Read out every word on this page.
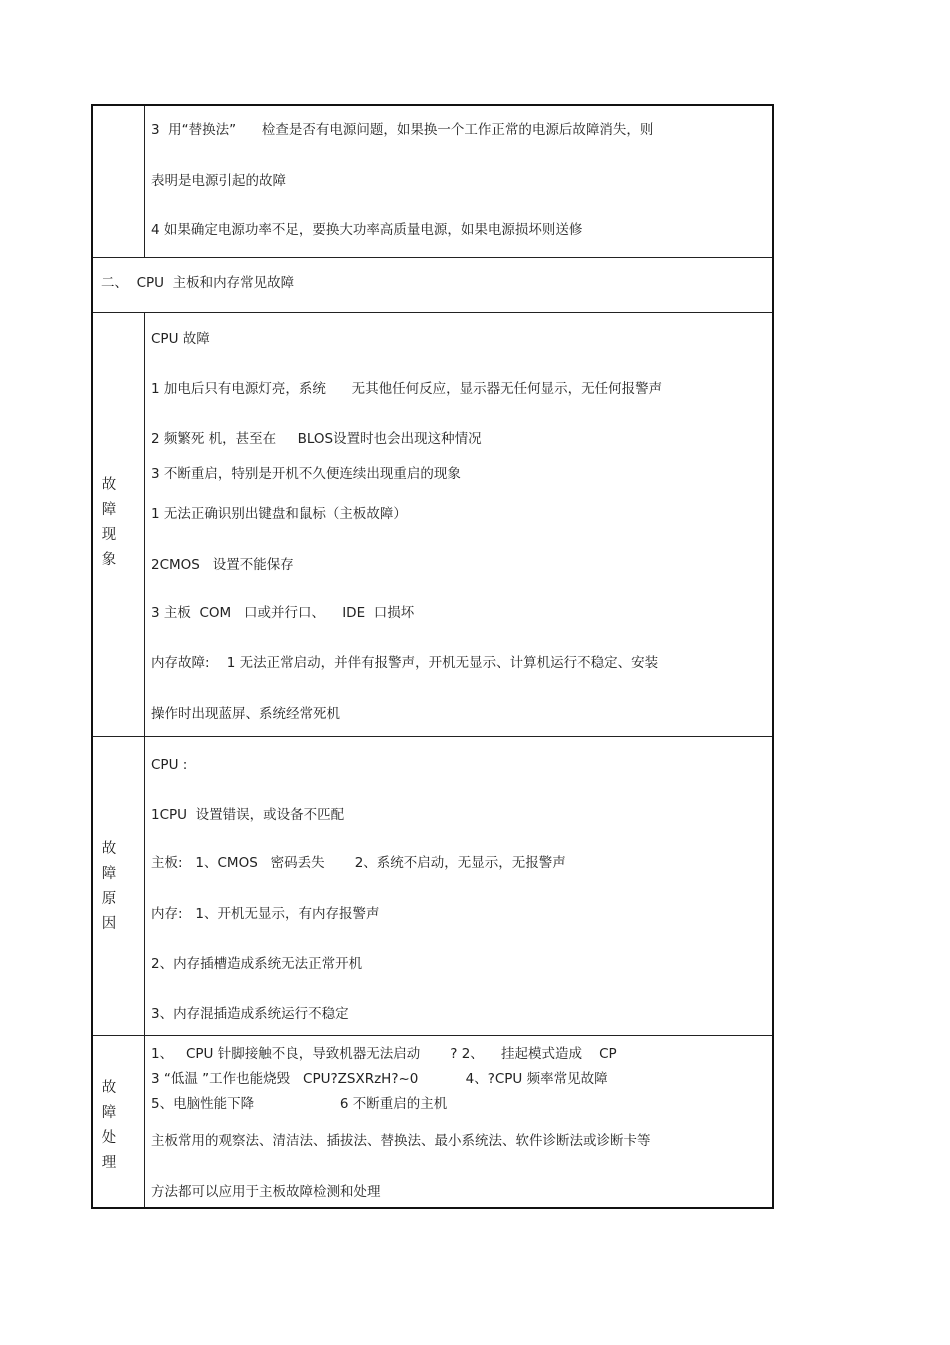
3  用“替换法”      检查是否有电源问题，如果换一个工作正常的电源后故障消失，则
表明是电源引起的故障
4 如果确定电源功率不足，要换大功率高质量电源，如果电源损坏则送修
二、  CPU  主板和内存常见故障
故
障
现
象
CPU 故障
1 加电后只有电源灯亮，系统      无其他任何反应，显示器无任何显示，无任何报警声
2 频繁死 机，甚至在     BLOS设置时也会出现这种情况
3 不断重启，特别是开机不久便连续出现重启的现象
1 无法正确识别出键盘和鼠标（主板故障）
2CMOS   设置不能保存
3 主板  COM   口或并行口、    IDE  口损坏
内存故障:    1 无法正常启动，并伴有报警声，开机无显示、计算机运行不稳定、安装
操作时出现蓝屏、系统经常死机
故
障
原
因
CPU :
1CPU  设置错误，或设备不匹配
主板:   1、CMOS   密码丢失       2、系统不启动，无显示，无报警声
内存:   1、开机无显示，有内存报警声
2、内存插槽造成系统无法正常开机
3、内存混插造成系统运行不稳定
故
障
处
理
1、   CPU 针脚接触不良，导致机器无法启动       ? 2、    挂起模式造成    CP
3 “低温 ”工作也能烧毁   CPU?ZSXRzH?~0           4、?CPU 频率常见故障
5、电脑性能下降                    6 不断重启的主机
主板常用的观察法、清洁法、插拔法、替换法、最小系统法、软件诊断法或诊断卡等
方法都可以应用于主板故障检测和处理
